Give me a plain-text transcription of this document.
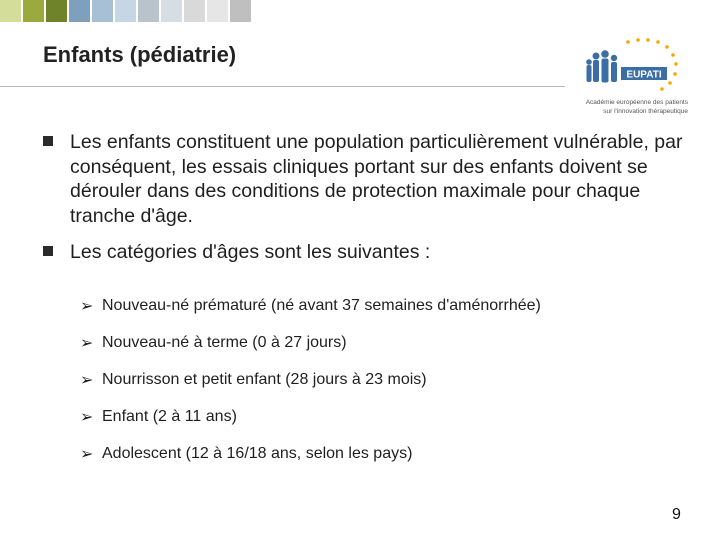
Enfants (pédiatrie)
EUPATI
Académie européenne des patients
sur l'innovation thérapeutique
Les enfants constituent une population particulièrement vulnérable, par conséquent, les essais cliniques portant sur des enfants doivent se dérouler dans des conditions de protection maximale pour chaque tranche d'âge.
Les catégories d'âges sont les suivantes :
➢ Nouveau-né prématuré (né avant 37 semaines d'aménorrhée)
➢ Nouveau-né à terme (0 à 27 jours)
➢ Nourrisson et petit enfant (28 jours à 23 mois)
➢ Enfant (2 à 11 ans)
➢ Adolescent (12 à 16/18 ans, selon les pays)
9
